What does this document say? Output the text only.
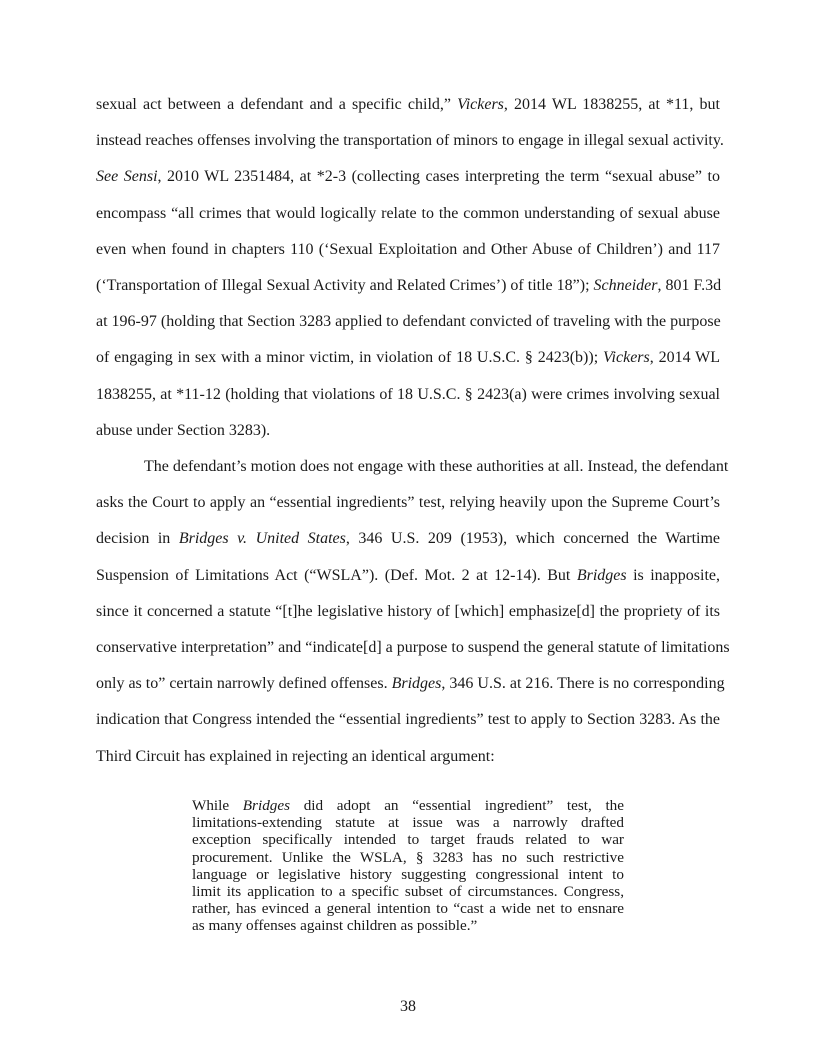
sexual act between a defendant and a specific child,” Vickers, 2014 WL 1838255, at *11, but
instead reaches offenses involving the transportation of minors to engage in illegal sexual activity.
See Sensi, 2010 WL 2351484, at *2-3 (collecting cases interpreting the term “sexual abuse” to
encompass “all crimes that would logically relate to the common understanding of sexual abuse
even when found in chapters 110 (‘Sexual Exploitation and Other Abuse of Children’) and 117
(‘Transportation of Illegal Sexual Activity and Related Crimes’) of title 18”); Schneider, 801 F.3d
at 196-97 (holding that Section 3283 applied to defendant convicted of traveling with the purpose
of engaging in sex with a minor victim, in violation of 18 U.S.C. § 2423(b)); Vickers, 2014 WL
1838255, at *11-12 (holding that violations of 18 U.S.C. § 2423(a) were crimes involving sexual
abuse under Section 3283).
The defendant’s motion does not engage with these authorities at all. Instead, the defendant
asks the Court to apply an “essential ingredients” test, relying heavily upon the Supreme Court’s
decision in Bridges v. United States, 346 U.S. 209 (1953), which concerned the Wartime
Suspension of Limitations Act (“WSLA”). (Def. Mot. 2 at 12-14). But Bridges is inapposite,
since it concerned a statute “[t]he legislative history of [which] emphasize[d] the propriety of its
conservative interpretation” and “indicate[d] a purpose to suspend the general statute of limitations
only as to” certain narrowly defined offenses. Bridges, 346 U.S. at 216. There is no corresponding
indication that Congress intended the “essential ingredients” test to apply to Section 3283. As the
Third Circuit has explained in rejecting an identical argument:
While Bridges did adopt an “essential ingredient” test, the
limitations-extending statute at issue was a narrowly drafted
exception specifically intended to target frauds related to war
procurement. Unlike the WSLA, § 3283 has no such restrictive
language or legislative history suggesting congressional intent to
limit its application to a specific subset of circumstances. Congress,
rather, has evinced a general intention to “cast a wide net to ensnare
as many offenses against children as possible.”
38
